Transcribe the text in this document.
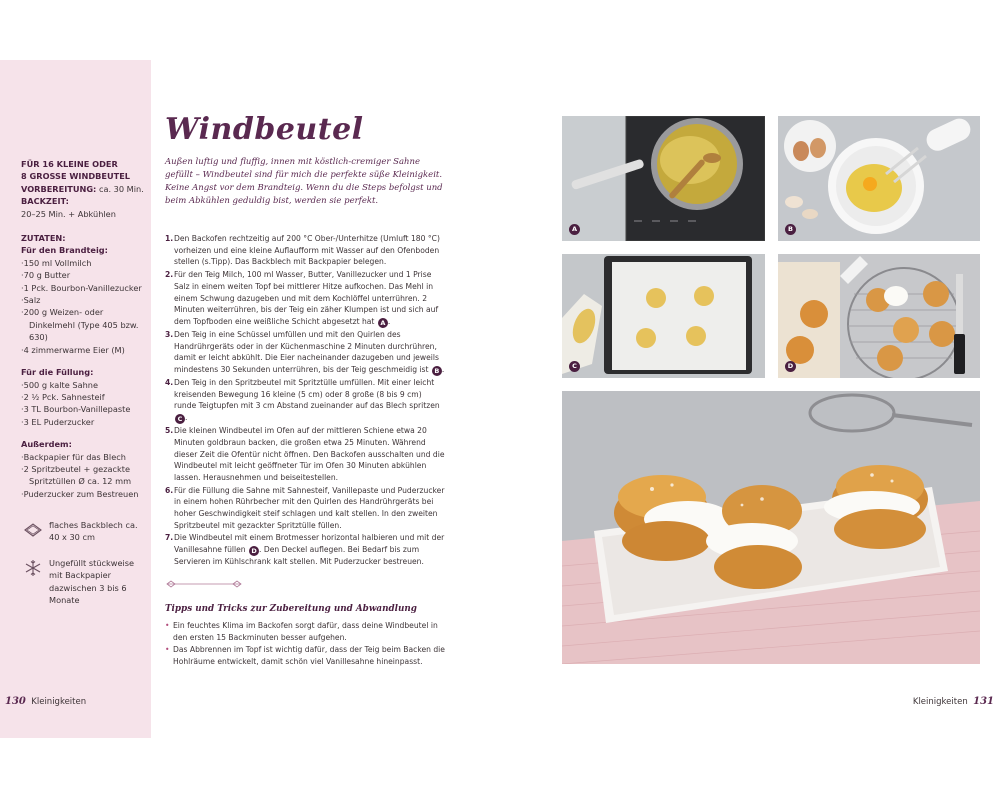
FÜR 16 KLEINE ODER
8 GROSSE WINDBEUTEL
VORBEREITUNG: ca. 30 Min.
BACKZEIT:
20–25 Min. + Abkühlen
ZUTATEN:
Für den Brandteig:
· 150 ml Vollmilch
· 70 g Butter
· 1 Pck. Bourbon-Vanillezucker
· Salz
· 200 g Weizen- oder Dinkelmehl (Type 405 bzw. 630)
· 4 zimmerwarme Eier (M)
Für die Füllung:
· 500 g kalte Sahne
· 2 ½ Pck. Sahnesteif
· 3 TL Bourbon-Vanillepaste
· 3 EL Puderzucker
Außerdem:
· Backpapier für das Blech
· 2 Spritzbeutel + gezackte Spritztüllen Ø ca. 12 mm
· Puderzucker zum Bestreuen
flaches Backblech ca. 40 x 30 cm
Ungefüllt stückweise mit Backpapier dazwischen 3 bis 6 Monate
130 Kleinigkeiten	Kleinigkeiten 131
Windbeutel
Außen luftig und fluffig, innen mit köstlich-cremiger Sahne gefüllt – Windbeutel sind für mich die perfekte süße Kleinigkeit. Keine Angst vor dem Brandteig. Wenn du die Steps befolgst und beim Abkühlen geduldig bist, werden sie perfekt.
1. Den Backofen rechtzeitig auf 200 °C Ober-/Unterhitze (Umluft 180 °C) vorheizen und eine kleine Auflaufform mit Wasser auf den Ofenboden stellen (s.Tipp). Das Backblech mit Backpapier belegen.
2. Für den Teig Milch, 100 ml Wasser, Butter, Vanillezucker und 1 Prise Salz in einem weiten Topf bei mittlerer Hitze aufkochen. Das Mehl in einem Schwung dazugeben und mit dem Kochlöffel unterrühren. 2 Minuten weiterrühren, bis der Teig ein zäher Klumpen ist und sich auf dem Topfboden eine weißliche Schicht abgesetzt hat A .
3. Den Teig in eine Schüssel umfüllen und mit den Quirlen des Handrührgeräts oder in der Küchenmaschine 2 Minuten durchrühren, damit er leicht abkühlt. Die Eier nacheinander dazugeben und jeweils mindestens 30 Sekunden unterrühren, bis der Teig geschmeidig ist B .
4. Den Teig in den Spritzbeutel mit Spritztülle umfüllen. Mit einer leicht kreisenden Bewegung 16 kleine (5 cm) oder 8 große (8 bis 9 cm) runde Teigtupfen mit 3 cm Abstand zueinander auf das Blech spritzen C .
5. Die kleinen Windbeutel im Ofen auf der mittleren Schiene etwa 20 Minuten goldbraun backen, die großen etwa 25 Minuten. Während dieser Zeit die Ofentür nicht öffnen. Den Backofen ausschalten und die Windbeutel mit leicht geöffneter Tür im Ofen 30 Minuten abkühlen lassen. Herausnehmen und beiseitestellen.
6. Für die Füllung die Sahne mit Sahnesteif, Vanillepaste und Puderzucker in einem hohen Rührbecher mit den Quirlen des Handrührgeräts bei hoher Geschwindigkeit steif schlagen und kalt stellen. In den zweiten Spritzbeutel mit gezackter Spritztülle füllen.
7. Die Windbeutel mit einem Brotmesser horizontal halbieren und mit der Vanillesahne füllen D . Den Deckel auflegen. Bei Bedarf bis zum Servieren im Kühlschrank kalt stellen. Mit Puderzucker bestreuen.
Tipps und Tricks zur Zubereitung und Abwandlung
• Ein feuchtes Klima im Backofen sorgt dafür, dass deine Windbeutel in den ersten 15 Backminuten besser aufgehen.
• Das Abbrennen im Topf ist wichtig dafür, dass der Teig beim Backen die Hohlräume entwickelt, damit schön viel Vanillesahne hineinpasst.
A	B
C	D
